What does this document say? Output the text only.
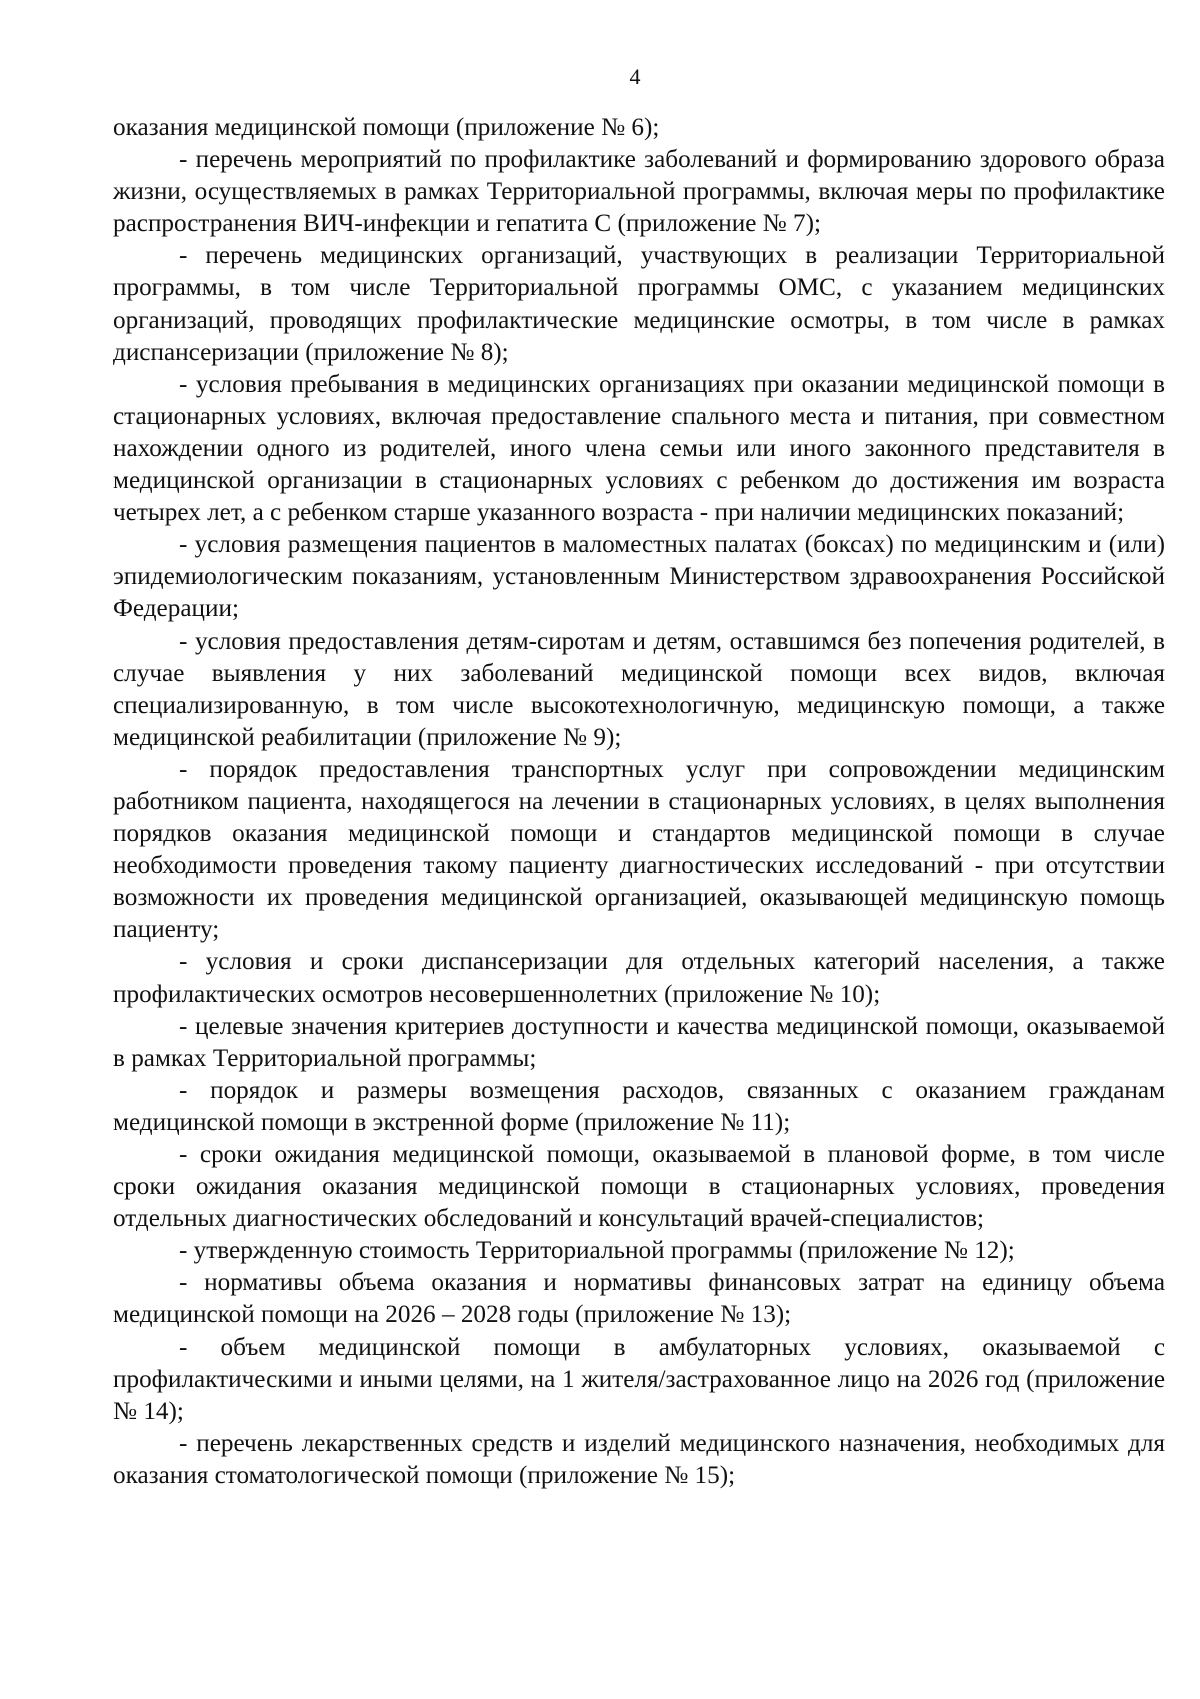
4

оказания медицинской помощи (приложение № 6);

- перечень мероприятий по профилактике заболеваний и формированию здорового образа жизни, осуществляемых в рамках Территориальной программы, включая меры по профилактике распространения ВИЧ-инфекции и гепатита С (приложение № 7);

- перечень медицинских организаций, участвующих в реализации Территориальной программы, в том числе Территориальной программы ОМС, с указанием медицинских организаций, проводящих профилактические медицинские осмотры, в том числе в рамках диспансеризации (приложение № 8);

- условия пребывания в медицинских организациях при оказании медицинской помощи в стационарных условиях, включая предоставление спального места и питания, при совместном нахождении одного из родителей, иного члена семьи или иного законного представителя в медицинской организации в стационарных условиях с ребенком до достижения им возраста четырех лет, а с ребенком старше указанного возраста - при наличии медицинских показаний;

- условия размещения пациентов в маломестных палатах (боксах) по медицинским и (или) эпидемиологическим показаниям, установленным Министерством здравоохранения Российской Федерации;

- условия предоставления детям-сиротам и детям, оставшимся без попечения родителей, в случае выявления у них заболеваний медицинской помощи всех видов, включая специализированную, в том числе высокотехнологичную, медицинскую помощи, а также медицинской реабилитации (приложение № 9);

- порядок предоставления транспортных услуг при сопровождении медицинским работником пациента, находящегося на лечении в стационарных условиях, в целях выполнения порядков оказания медицинской помощи и стандартов медицинской помощи в случае необходимости проведения такому пациенту диагностических исследований - при отсутствии возможности их проведения медицинской организацией, оказывающей медицинскую помощь пациенту;

- условия и сроки диспансеризации для отдельных категорий населения, а также профилактических осмотров несовершеннолетних (приложение № 10);

- целевые значения критериев доступности и качества медицинской помощи, оказываемой в рамках Территориальной программы;

- порядок и размеры возмещения расходов, связанных с оказанием гражданам медицинской помощи в экстренной форме (приложение № 11);

- сроки ожидания медицинской помощи, оказываемой в плановой форме, в том числе сроки ожидания оказания медицинской помощи в стационарных условиях, проведения отдельных диагностических обследований и консультаций врачей-специалистов;

- утвержденную стоимость Территориальной программы (приложение № 12);

- нормативы объема оказания и нормативы финансовых затрат на единицу объема медицинской помощи на 2026 – 2028 годы (приложение № 13);

- объем медицинской помощи в амбулаторных условиях, оказываемой с профилактическими и иными целями, на 1 жителя/застрахованное лицо на 2026 год (приложение № 14);

- перечень лекарственных средств и изделий медицинского назначения, необходимых для оказания стоматологической помощи (приложение № 15);
